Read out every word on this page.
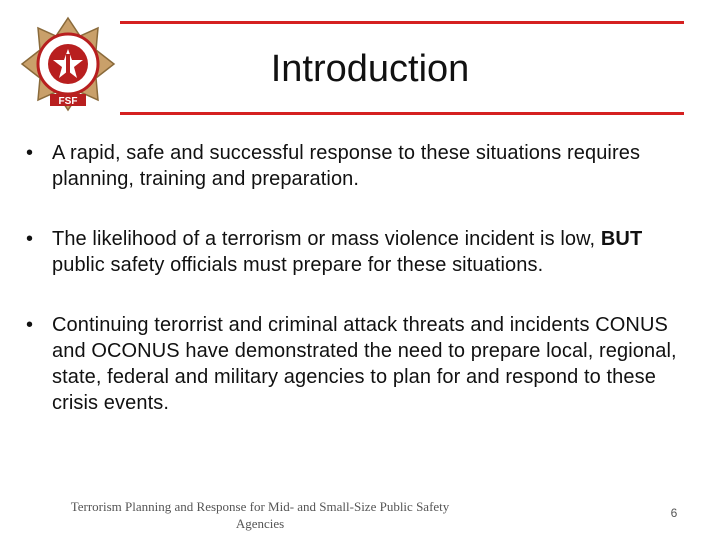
FSF
Introduction
• A rapid, safe and successful response to these situations requires planning, training and preparation.
• The likelihood of a terrorism or mass violence incident is low, BUT public safety officials must prepare for these situations.
• Continuing terorrist and criminal attack threats and incidents CONUS and OCONUS have demonstrated the need to prepare local, regional, state, federal and military agencies to plan for and respond to these crisis events.
Terrorism Planning and Response for Mid- and Small-Size Public Safety Agencies
6
